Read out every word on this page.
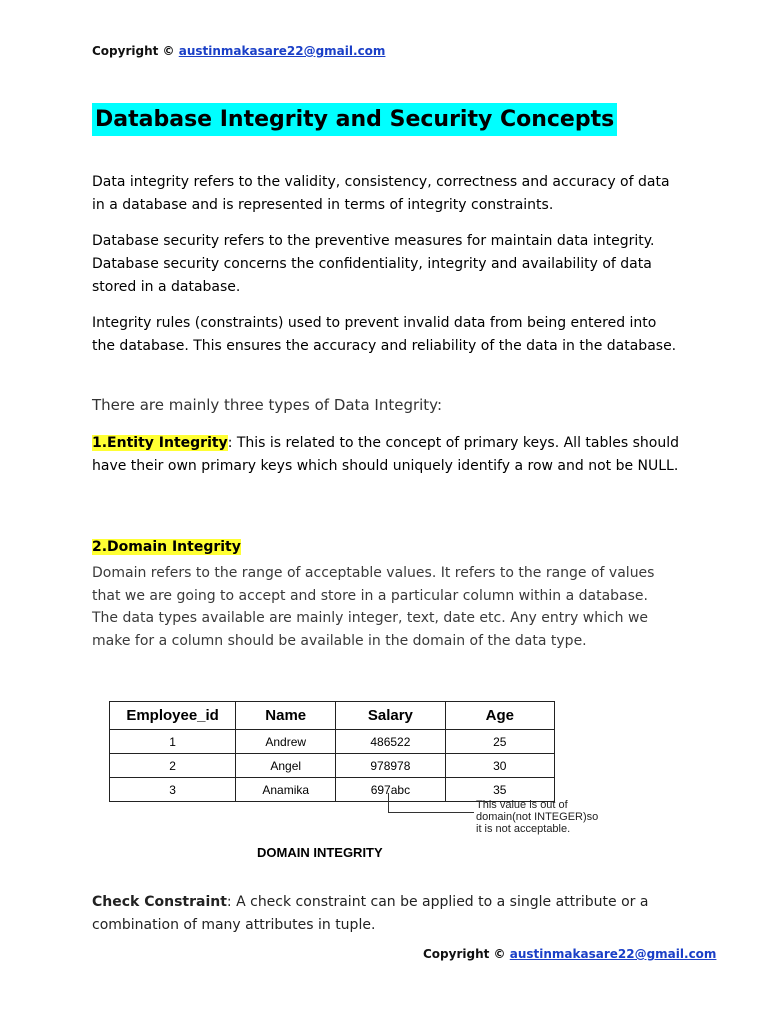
Copyright © austinmakasare22@gmail.com
Database Integrity and Security Concepts

Data integrity refers to the validity, consistency, correctness and accuracy of data in a database and is represented in terms of integrity constraints.

Database security refers to the preventive measures for maintain data integrity. Database security concerns the confidentiality, integrity and availability of data stored in a database.

Integrity rules (constraints) used to prevent invalid data from being entered into the database. This ensures the accuracy and reliability of the data in the database.

There are mainly three types of Data Integrity:

1.Entity Integrity: This is related to the concept of primary keys. All tables should have their own primary keys which should uniquely identify a row and not be NULL.

2.Domain Integrity

Domain refers to the range of acceptable values. It refers to the range of values that we are going to accept and store in a particular column within a database. The data types available are mainly integer, text, date etc. Any entry which we make for a column should be available in the domain of the data type.

Employee_id	Name	Salary	Age
1	Andrew	486522	25
2	Angel	978978	30
3	Anamika	697abc	35
This value is out of
domain(not INTEGER)so
it is not acceptable.
DOMAIN INTEGRITY

Check Constraint: A check constraint can be applied to a single attribute or a combination of many attributes in tuple.

Copyright © austinmakasare22@gmail.com
